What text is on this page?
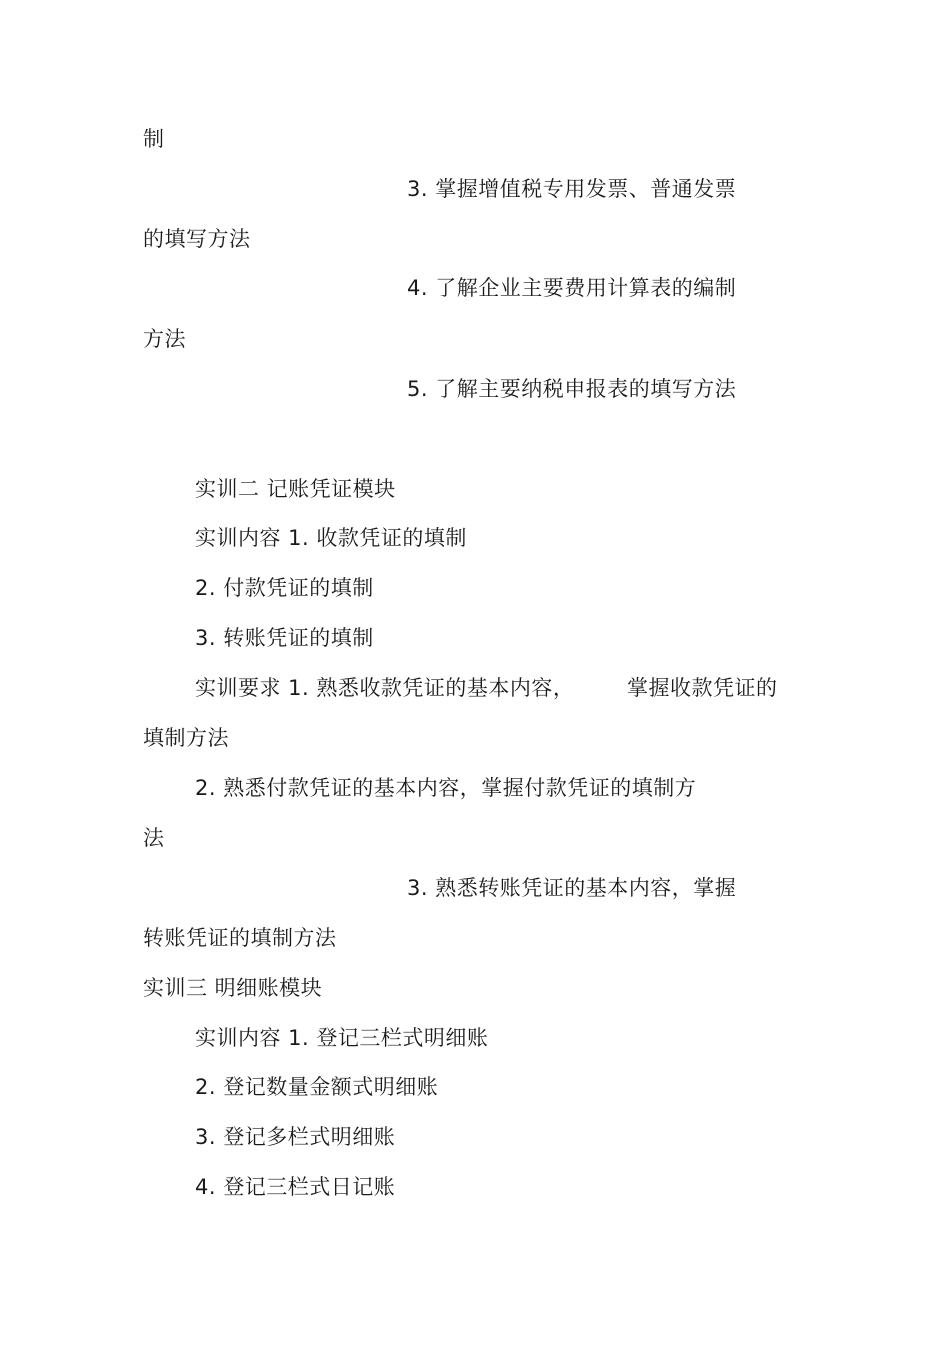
制
3. 掌握增值税专用发票、普通发票
的填写方法
4. 了解企业主要费用计算表的编制
方法
5. 了解主要纳税申报表的填写方法
实训二 记账凭证模块
实训内容 1. 收款凭证的填制
2. 付款凭证的填制
3. 转账凭证的填制
实训要求 1. 熟悉收款凭证的基本内容，	掌握收款凭证的
填制方法
2. 熟悉付款凭证的基本内容，掌握付款凭证的填制方
法
3. 熟悉转账凭证的基本内容，掌握
转账凭证的填制方法
实训三 明细账模块
实训内容 1. 登记三栏式明细账
2. 登记数量金额式明细账
3. 登记多栏式明细账
4. 登记三栏式日记账
